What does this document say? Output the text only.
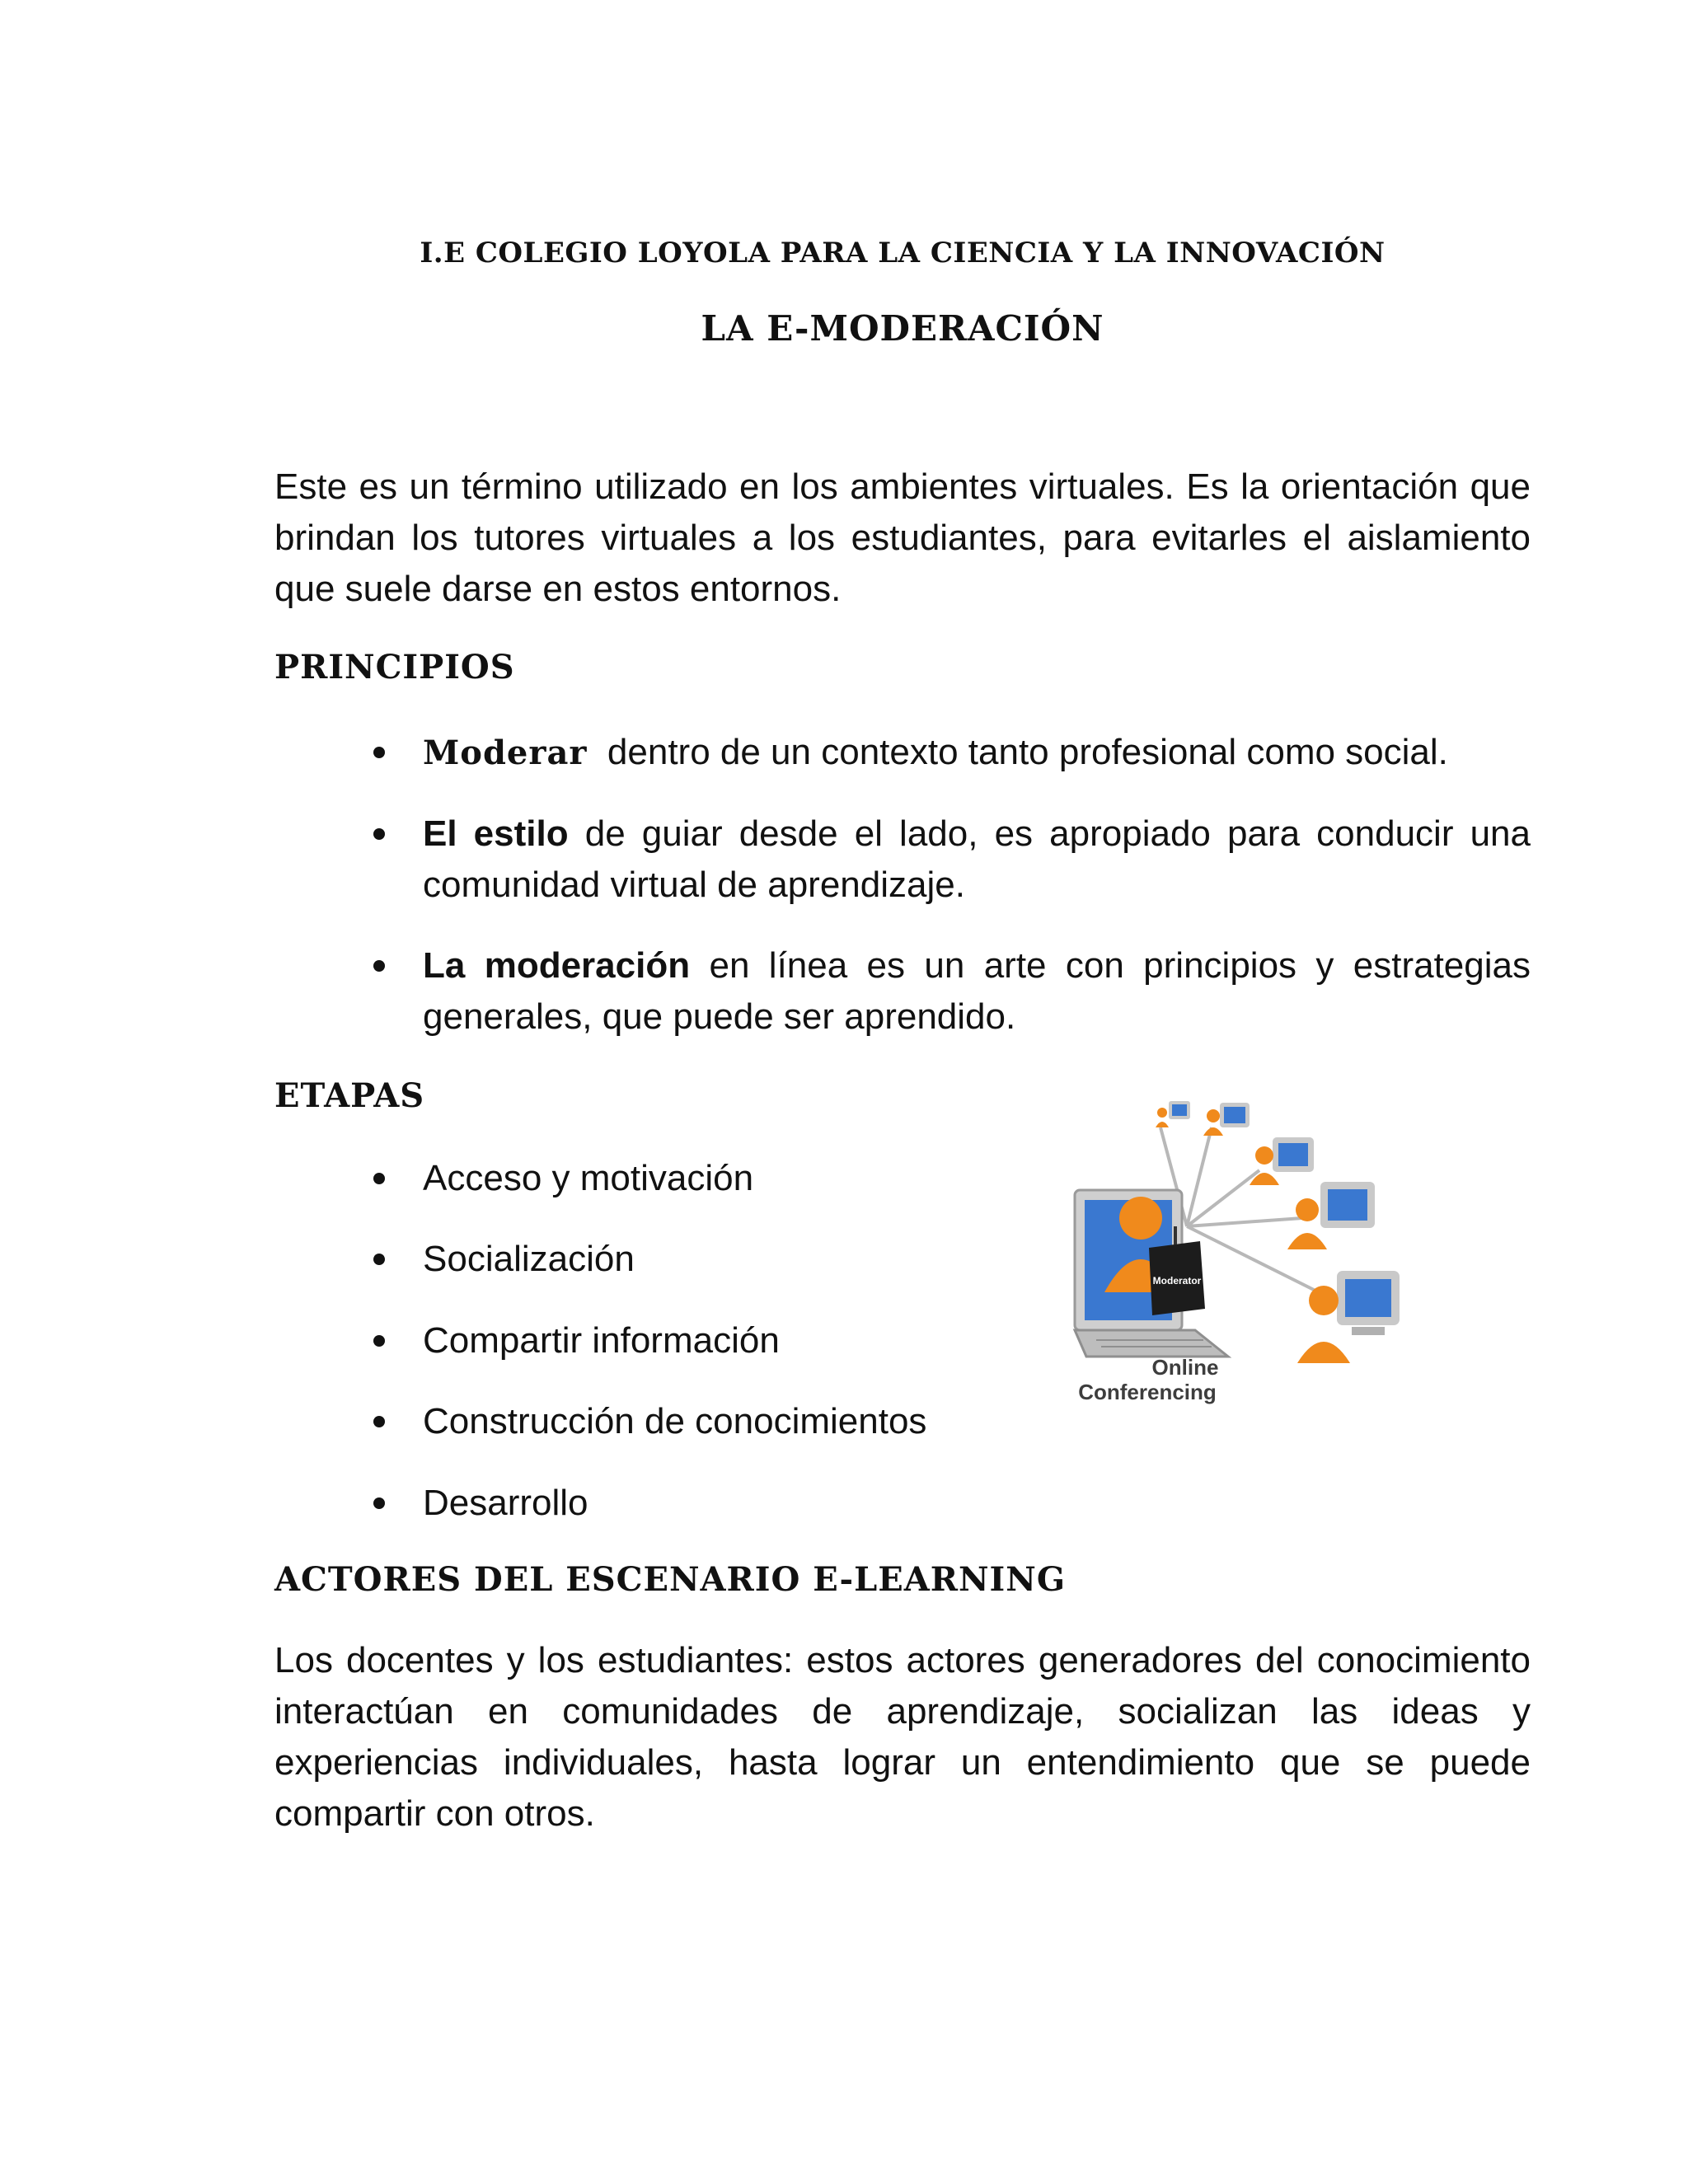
I.E COLEGIO LOYOLA PARA LA CIENCIA Y LA INNOVACIÓN
LA E-MODERACIÓN

Este es un término utilizado en los ambientes virtuales. Es la orientación que brindan los tutores virtuales a los estudiantes, para evitarles el aislamiento que suele darse en estos entornos.

PRINCIPIOS
Moderar dentro de un contexto tanto profesional como social.
El estilo de guiar desde el lado, es apropiado para conducir una comunidad virtual de aprendizaje.
La moderación en línea es un arte con principios y estrategias generales, que puede ser aprendido.
ETAPAS
Acceso y motivación
Socialización
Compartir información
Construcción de conocimientos
Desarrollo
Moderator
Online
Conferencing
ACTORES DEL ESCENARIO E-LEARNING

Los docentes y los estudiantes: estos actores generadores del conocimiento interactúan en comunidades de aprendizaje, socializan las ideas y experiencias individuales, hasta lograr un entendimiento que se puede compartir con otros.
